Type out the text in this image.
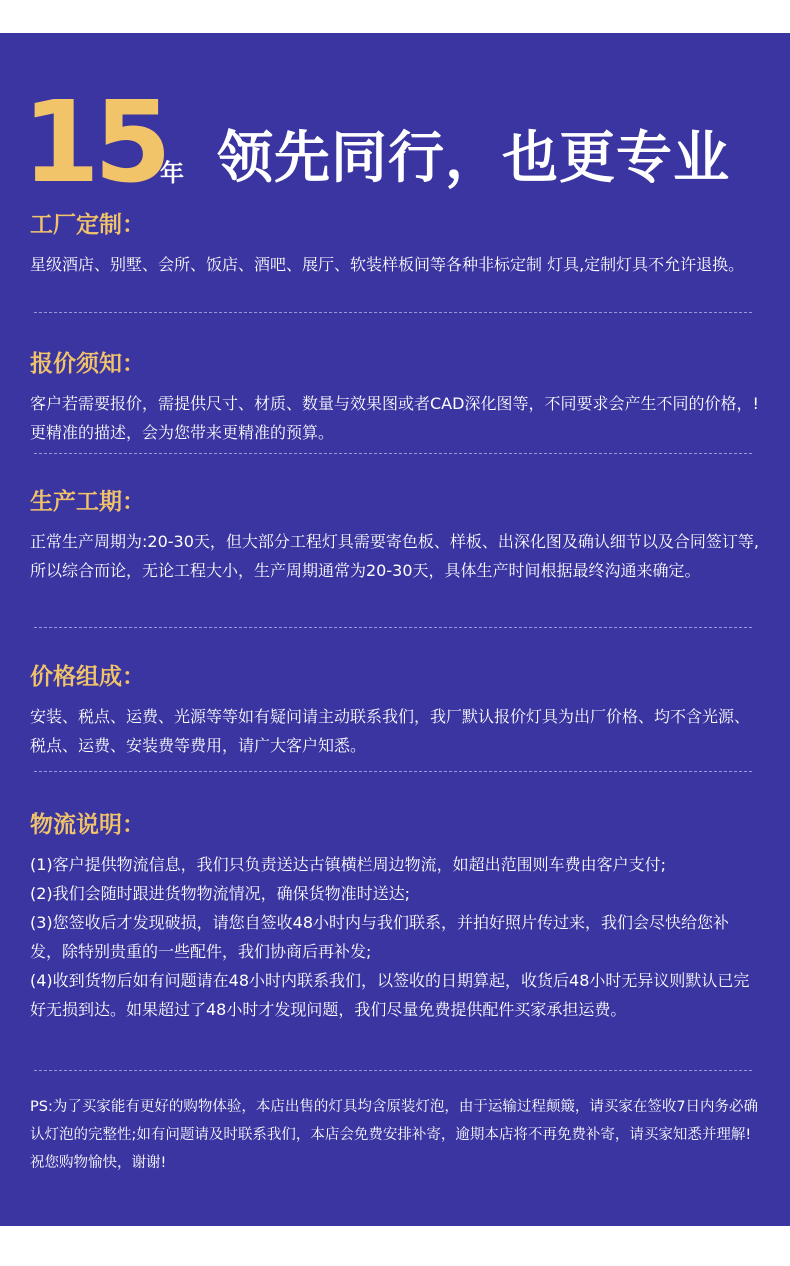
15
年 领先同行，也更专业
工厂定制：

星级酒店、别墅、会所、饭店、酒吧、展厅、软装样板间等各种非标定制 灯具,定制灯具不允许退换。

报价须知：

客户若需要报价，需提供尺寸、材质、数量与效果图或者CAD深化图等，不同要求会产生不同的价格，!更精准的描述，会为您带来更精准的预算。

生产工期：

正常生产周期为:20-30天，但大部分工程灯具需要寄色板、样板、出深化图及确认细节以及合同签订等,所以综合而论，无论工程大小，生产周期通常为20-30天，具体生产时间根据最终沟通来确定。

价格组成：

安装、税点、运费、光源等等如有疑问请主动联系我们，我厂默认报价灯具为出厂价格、均不含光源、税点、运费、安装费等费用，请广大客户知悉。

物流说明：

(1)客户提供物流信息，我们只负责送达古镇横栏周边物流，如超出范围则车费由客户支付;

(2)我们会随时跟进货物物流情况，确保货物准时送达;

(3)您签收后才发现破损，请您自签收48小时内与我们联系，并拍好照片传过来，我们会尽快给您补发，除特别贵重的一些配件，我们协商后再补发;

(4)收到货物后如有问题请在48小时内联系我们，以签收的日期算起，收货后48小时无异议则默认已完好无损到达。如果超过了48小时才发现问题，我们尽量免费提供配件买家承担运费。

PS:为了买家能有更好的购物体验，本店出售的灯具均含原装灯泡，由于运输过程颠簸，请买家在签收7日内务必确认灯泡的完整性;如有问题请及时联系我们，本店会免费安排补寄，逾期本店将不再免费补寄，请买家知悉并理解! 祝您购物愉快，谢谢!
